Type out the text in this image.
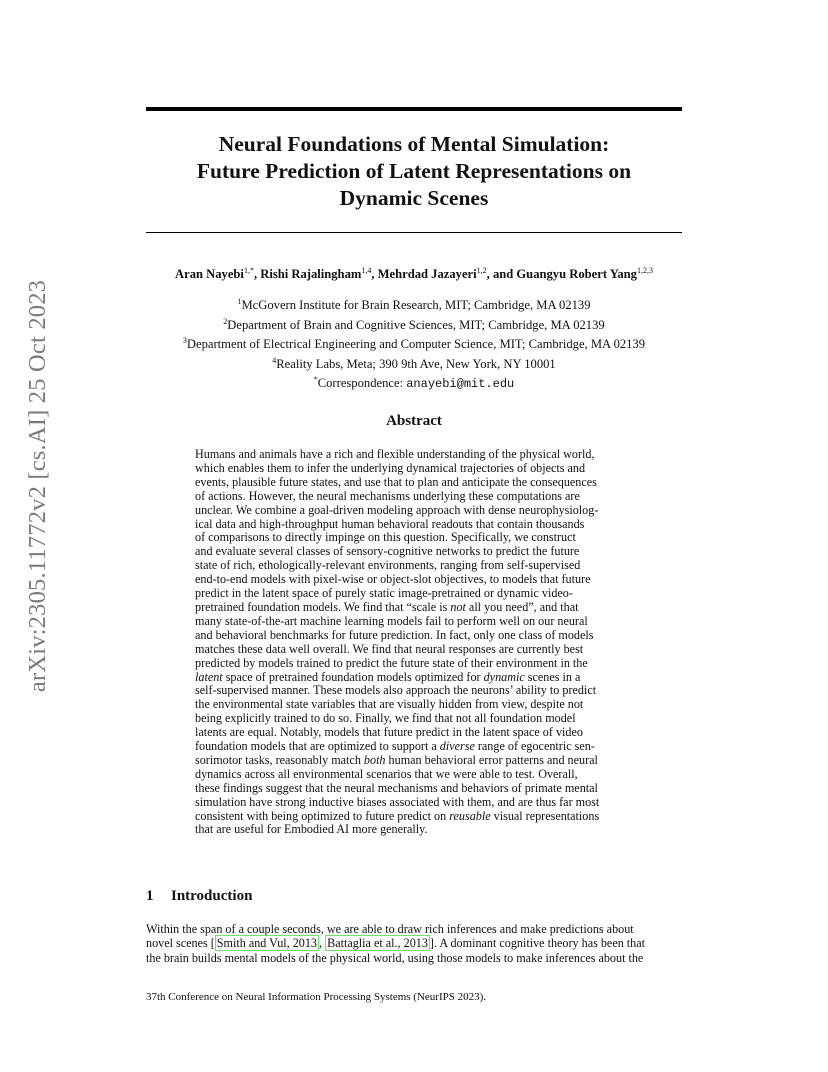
arXiv:2305.11772v2 [cs.AI] 25 Oct 2023
Neural Foundations of Mental Simulation:
Future Prediction of Latent Representations on
Dynamic Scenes
Aran Nayebi$^{1,*}$, Rishi Rajalingham$^{1,4}$, Mehrdad Jazayeri$^{1,2}$, and Guangyu Robert Yang$^{1,2,3}$
$^1$McGovern Institute for Brain Research, MIT; Cambridge, MA 02139
$^2$Department of Brain and Cognitive Sciences, MIT; Cambridge, MA 02139
$^3$Department of Electrical Engineering and Computer Science, MIT; Cambridge, MA 02139
$^4$Reality Labs, Meta; 390 9th Ave, New York, NY 10001
*Correspondence: anayebi@mit.edu
Abstract
Humans and animals have a rich and flexible understanding of the physical world,
which enables them to infer the underlying dynamical trajectories of objects and
events, plausible future states, and use that to plan and anticipate the consequences
of actions. However, the neural mechanisms underlying these computations are
unclear. We combine a goal-driven modeling approach with dense neurophysiolog-
ical data and high-throughput human behavioral readouts that contain thousands
of comparisons to directly impinge on this question. Specifically, we construct
and evaluate several classes of sensory-cognitive networks to predict the future
state of rich, ethologically-relevant environments, ranging from self-supervised
end-to-end models with pixel-wise or object-slot objectives, to models that future
predict in the latent space of purely static image-pretrained or dynamic video-
pretrained foundation models. We find that “scale is not all you need”, and that
many state-of-the-art machine learning models fail to perform well on our neural
and behavioral benchmarks for future prediction. In fact, only one class of models
matches these data well overall. We find that neural responses are currently best
predicted by models trained to predict the future state of their environment in the
latent space of pretrained foundation models optimized for dynamic scenes in a
self-supervised manner. These models also approach the neurons’ ability to predict
the environmental state variables that are visually hidden from view, despite not
being explicitly trained to do so. Finally, we find that not all foundation model
latents are equal. Notably, models that future predict in the latent space of video
foundation models that are optimized to support a diverse range of egocentric sen-
sorimotor tasks, reasonably match both human behavioral error patterns and neural
dynamics across all environmental scenarios that we were able to test. Overall,
these findings suggest that the neural mechanisms and behaviors of primate mental
simulation have strong inductive biases associated with them, and are thus far most
consistent with being optimized to future predict on reusable visual representations
that are useful for Embodied AI more generally.
1 Introduction
Within the span of a couple seconds, we are able to draw rich inferences and make predictions about
novel scenes [ Smith and Vul, 2013 , Battaglia et al., 2013 ]. A dominant cognitive theory has been that
the brain builds mental models of the physical world, using those models to make inferences about the
37th Conference on Neural Information Processing Systems (NeurIPS 2023).
